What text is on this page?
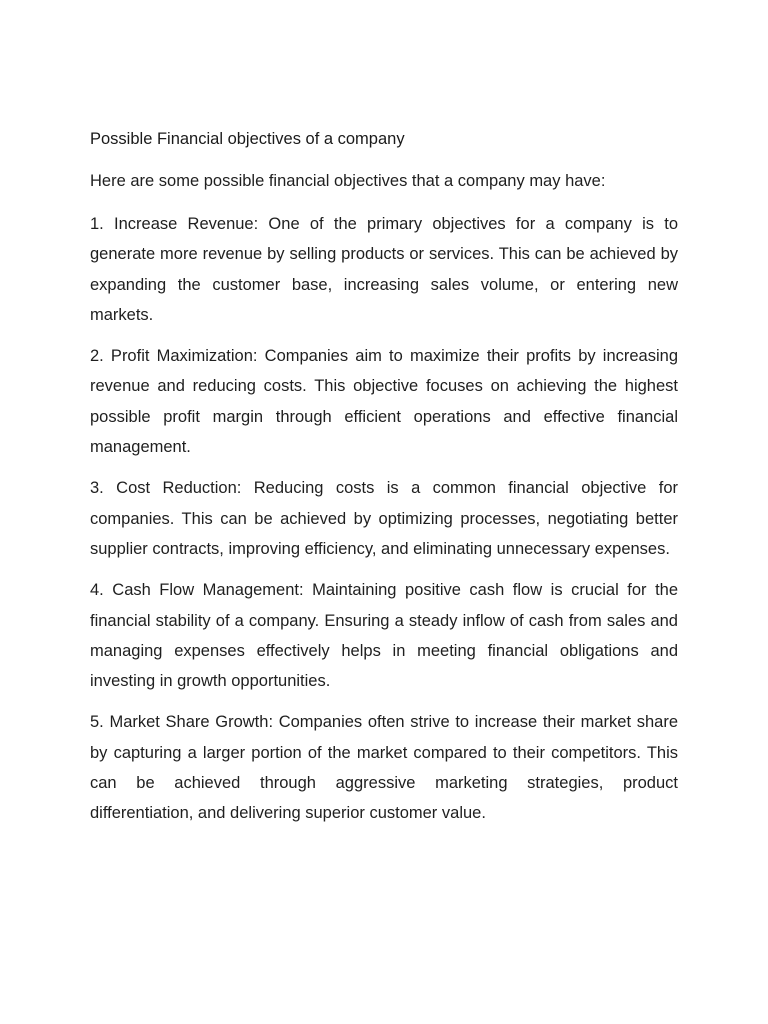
Possible Financial objectives of a company

Here are some possible financial objectives that a company may have:

1. Increase Revenue: One of the primary objectives for a company is to generate more revenue by selling products or services. This can be achieved by expanding the customer base, increasing sales volume, or entering new markets.

2. Profit Maximization: Companies aim to maximize their profits by increasing revenue and reducing costs. This objective focuses on achieving the highest possible profit margin through efficient operations and effective financial management.

3. Cost Reduction: Reducing costs is a common financial objective for companies. This can be achieved by optimizing processes, negotiating better supplier contracts, improving efficiency, and eliminating unnecessary expenses.

4. Cash Flow Management: Maintaining positive cash flow is crucial for the financial stability of a company. Ensuring a steady inflow of cash from sales and managing expenses effectively helps in meeting financial obligations and investing in growth opportunities.

5. Market Share Growth: Companies often strive to increase their market share by capturing a larger portion of the market compared to their competitors. This can be achieved through aggressive marketing strategies, product differentiation, and delivering superior customer value.
